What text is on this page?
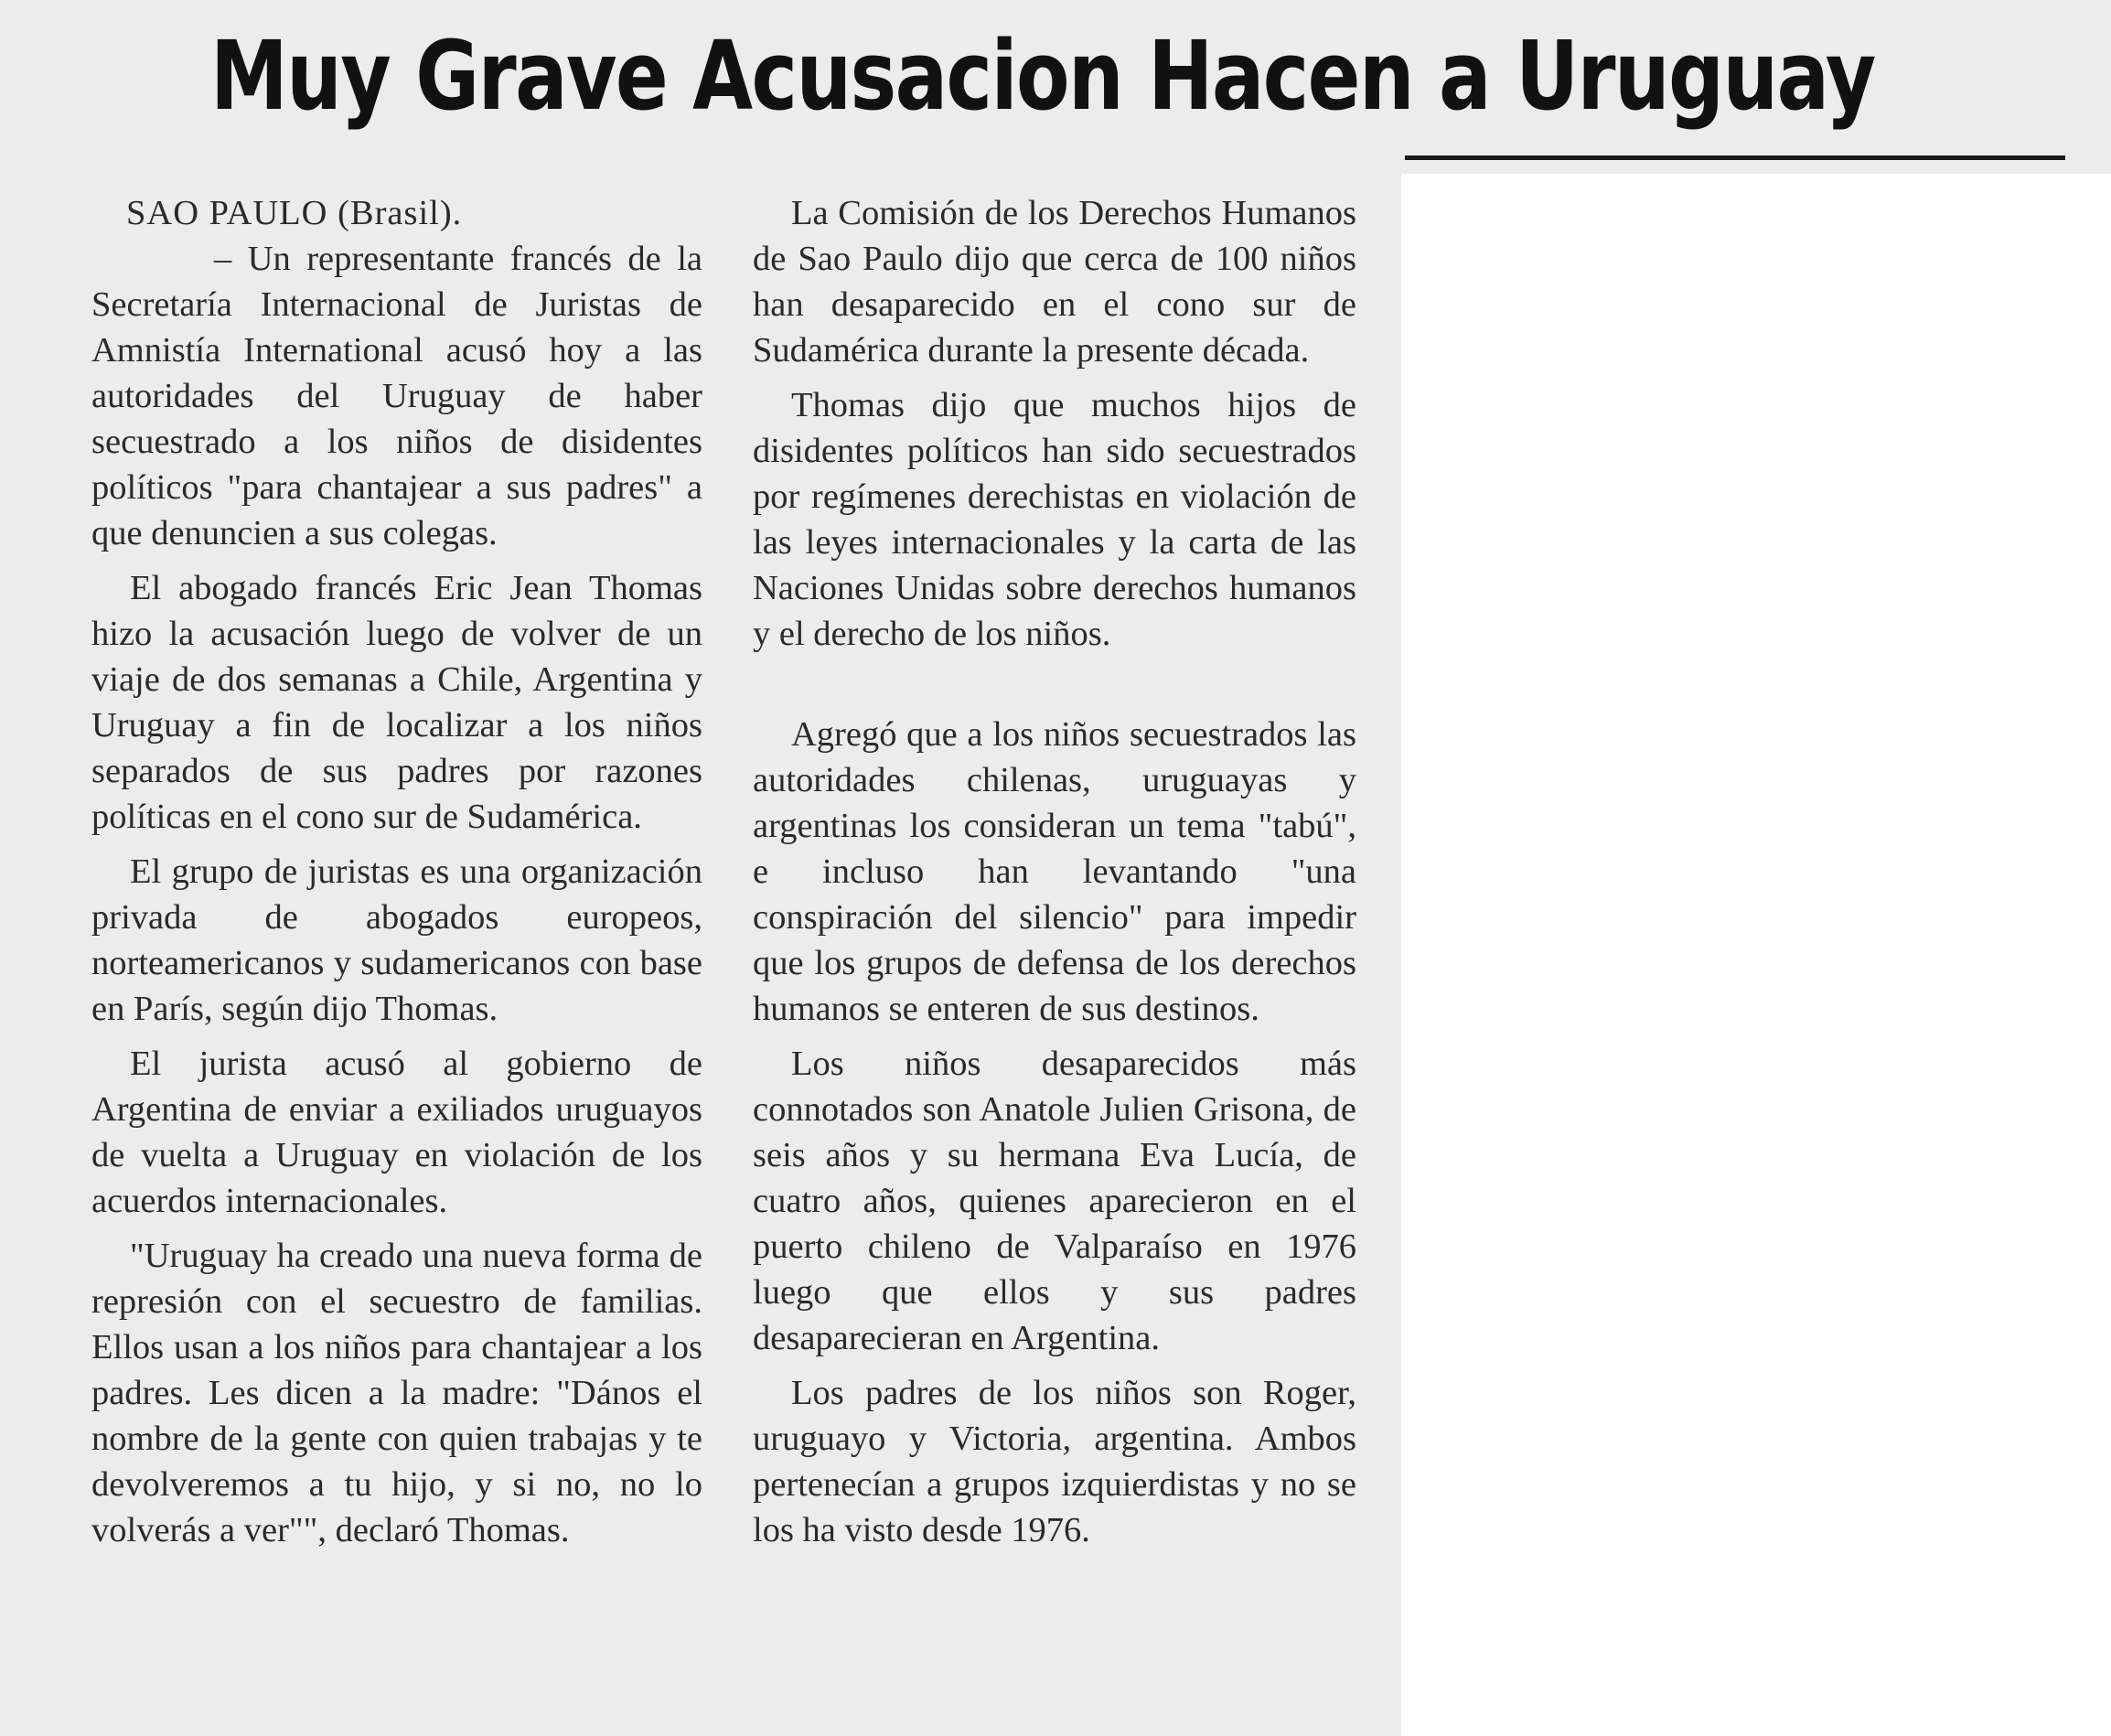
Muy Grave Acusacion Hacen a Uruguay
SAO PAULO (Brasil).

– Un representante francés de la Secretaría Internacional de Juristas de Amnistía International acusó hoy a las autoridades del Uruguay de haber secuestrado a los niños de disidentes políticos "para chantajear a sus padres" a que denuncien a sus colegas.

El abogado francés Eric Jean Thomas hizo la acusación luego de volver de un viaje de dos semanas a Chile, Argentina y Uruguay a fin de localizar a los niños separados de sus padres por razones políticas en el cono sur de Sudamérica.

El grupo de juristas es una organización privada de abogados europeos, norteamericanos y sudamericanos con base en París, según dijo Thomas.

El jurista acusó al gobierno de Argentina de enviar a exiliados uruguayos de vuelta a Uruguay en violación de los acuerdos internacionales.

"Uruguay ha creado una nueva forma de represión con el secuestro de familias. Ellos usan a los niños para chantajear a los padres. Les dicen a la madre: "Dános el nombre de la gente con quien trabajas y te devolveremos a tu hijo, y si no, no lo volverás a ver"", declaró Thomas.

La Comisión de los Derechos Humanos de Sao Paulo dijo que cerca de 100 niños han desaparecido en el cono sur de Sudamérica durante la presente década.

Thomas dijo que muchos hijos de disidentes políticos han sido secuestrados por regímenes derechistas en violación de las leyes internacionales y la carta de las Naciones Unidas sobre derechos humanos y el derecho de los niños.

Agregó que a los niños secuestrados las autoridades chilenas, uruguayas y argentinas los consideran un tema "tabú", e incluso han levantando "una conspiración del silencio" para impedir que los grupos de defensa de los derechos humanos se enteren de sus destinos.

Los niños desaparecidos más connotados son Anatole Julien Grisona, de seis años y su hermana Eva Lucía, de cuatro años, quienes aparecieron en el puerto chileno de Valparaíso en 1976 luego que ellos y sus padres desaparecieran en Argentina.

Los padres de los niños son Roger, uruguayo y Victoria, argentina. Ambos pertenecían a grupos izquierdistas y no se los ha visto desde 1976.
